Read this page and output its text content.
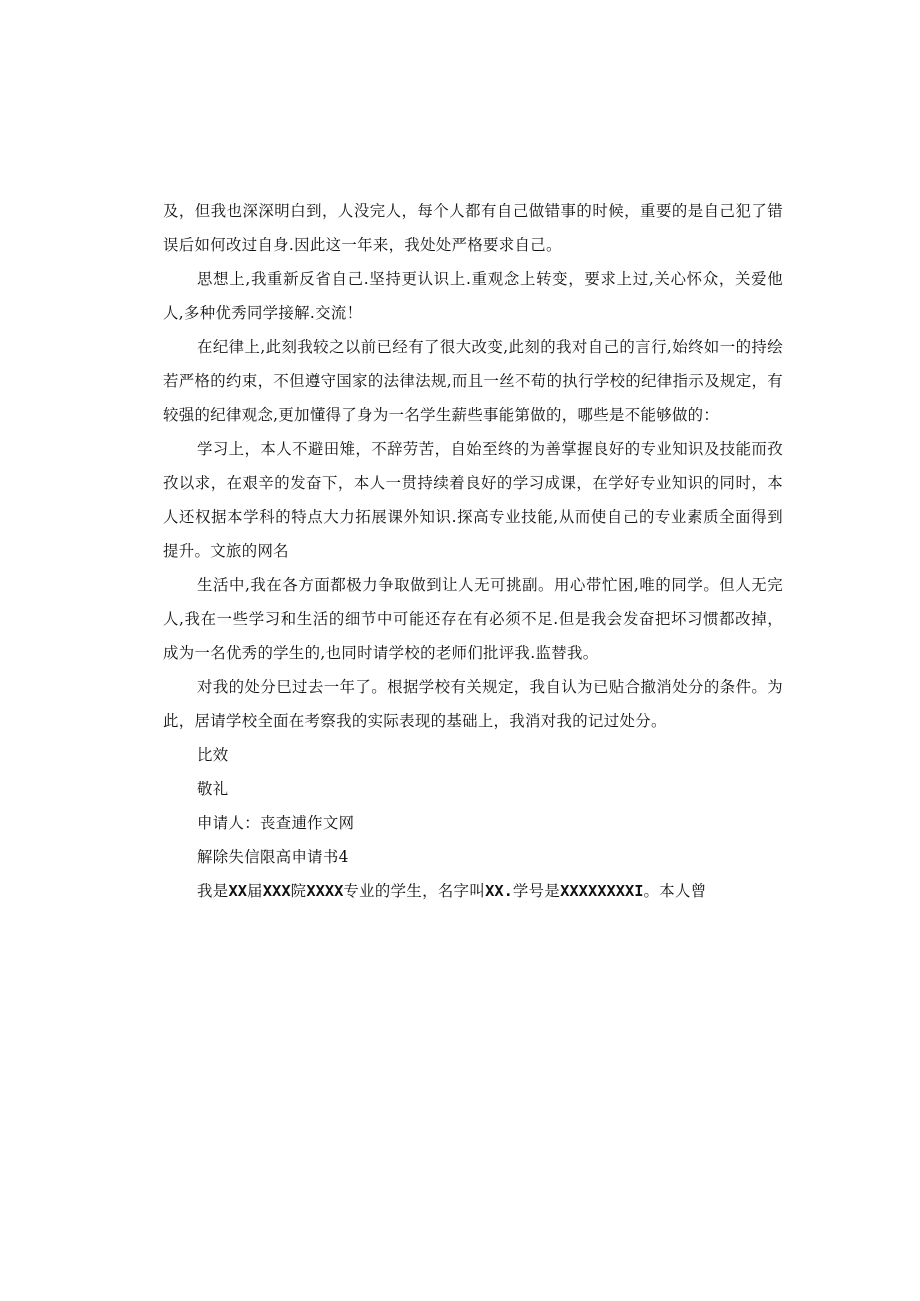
及，但我也深深明白到，人没完人，每个人都有自己做错事的时候，重要的是自己犯了错误后如何改过自身.因此这一年来，我处处严格要求自己。

思想上,我重新反省自己.坚持更认识上.重观念上转变，要求上过,关心怀众，关爱他人,多种优秀同学接解.交流！

在纪律上,此刻我较之以前已经有了很大改变,此刻的我对自己的言行,始终如一的持绘若严格的约束，不但遵守国家的法律法规,而且一丝不荀的执行学校的纪律指示及规定，有较强的纪律观念,更加懂得了身为一名学生薪些事能第做的，哪些是不能够做的：

学习上，本人不避田雉，不辞劳苦，自始至终的为善掌握良好的专业知识及技能而孜孜以求，在艰辛的发奋下，本人一贯持续着良好的学习成课，在学好专业知识的同时，本人还权据本学科的特点大力拓展课外知识.探高专业技能,从而使自己的专业素质全面得到提升。文旅的网名

生活中,我在各方面都极力争取做到让人无可挑副。用心带忙困,唯的同学。但人无完人,我在一些学习和生活的细节中可能还存在有必须不足.但是我会发奋把坏习惯都改掉，成为一名优秀的学生的,也同时请学校的老师们批评我.监替我。

对我的处分巳过去一年了。根据学校有关规定，我自认为已贴合撤消处分的条件。为此，居请学校全面在考察我的实际表现的基础上，我消对我的记过处分。

比效

敬礼

申请人：丧查逋作文网

解除失信限高申请书4

我是XX届XXX院XXXX专业的学生，名字叫XX.学号是XXXXXXXXI。本人曾
